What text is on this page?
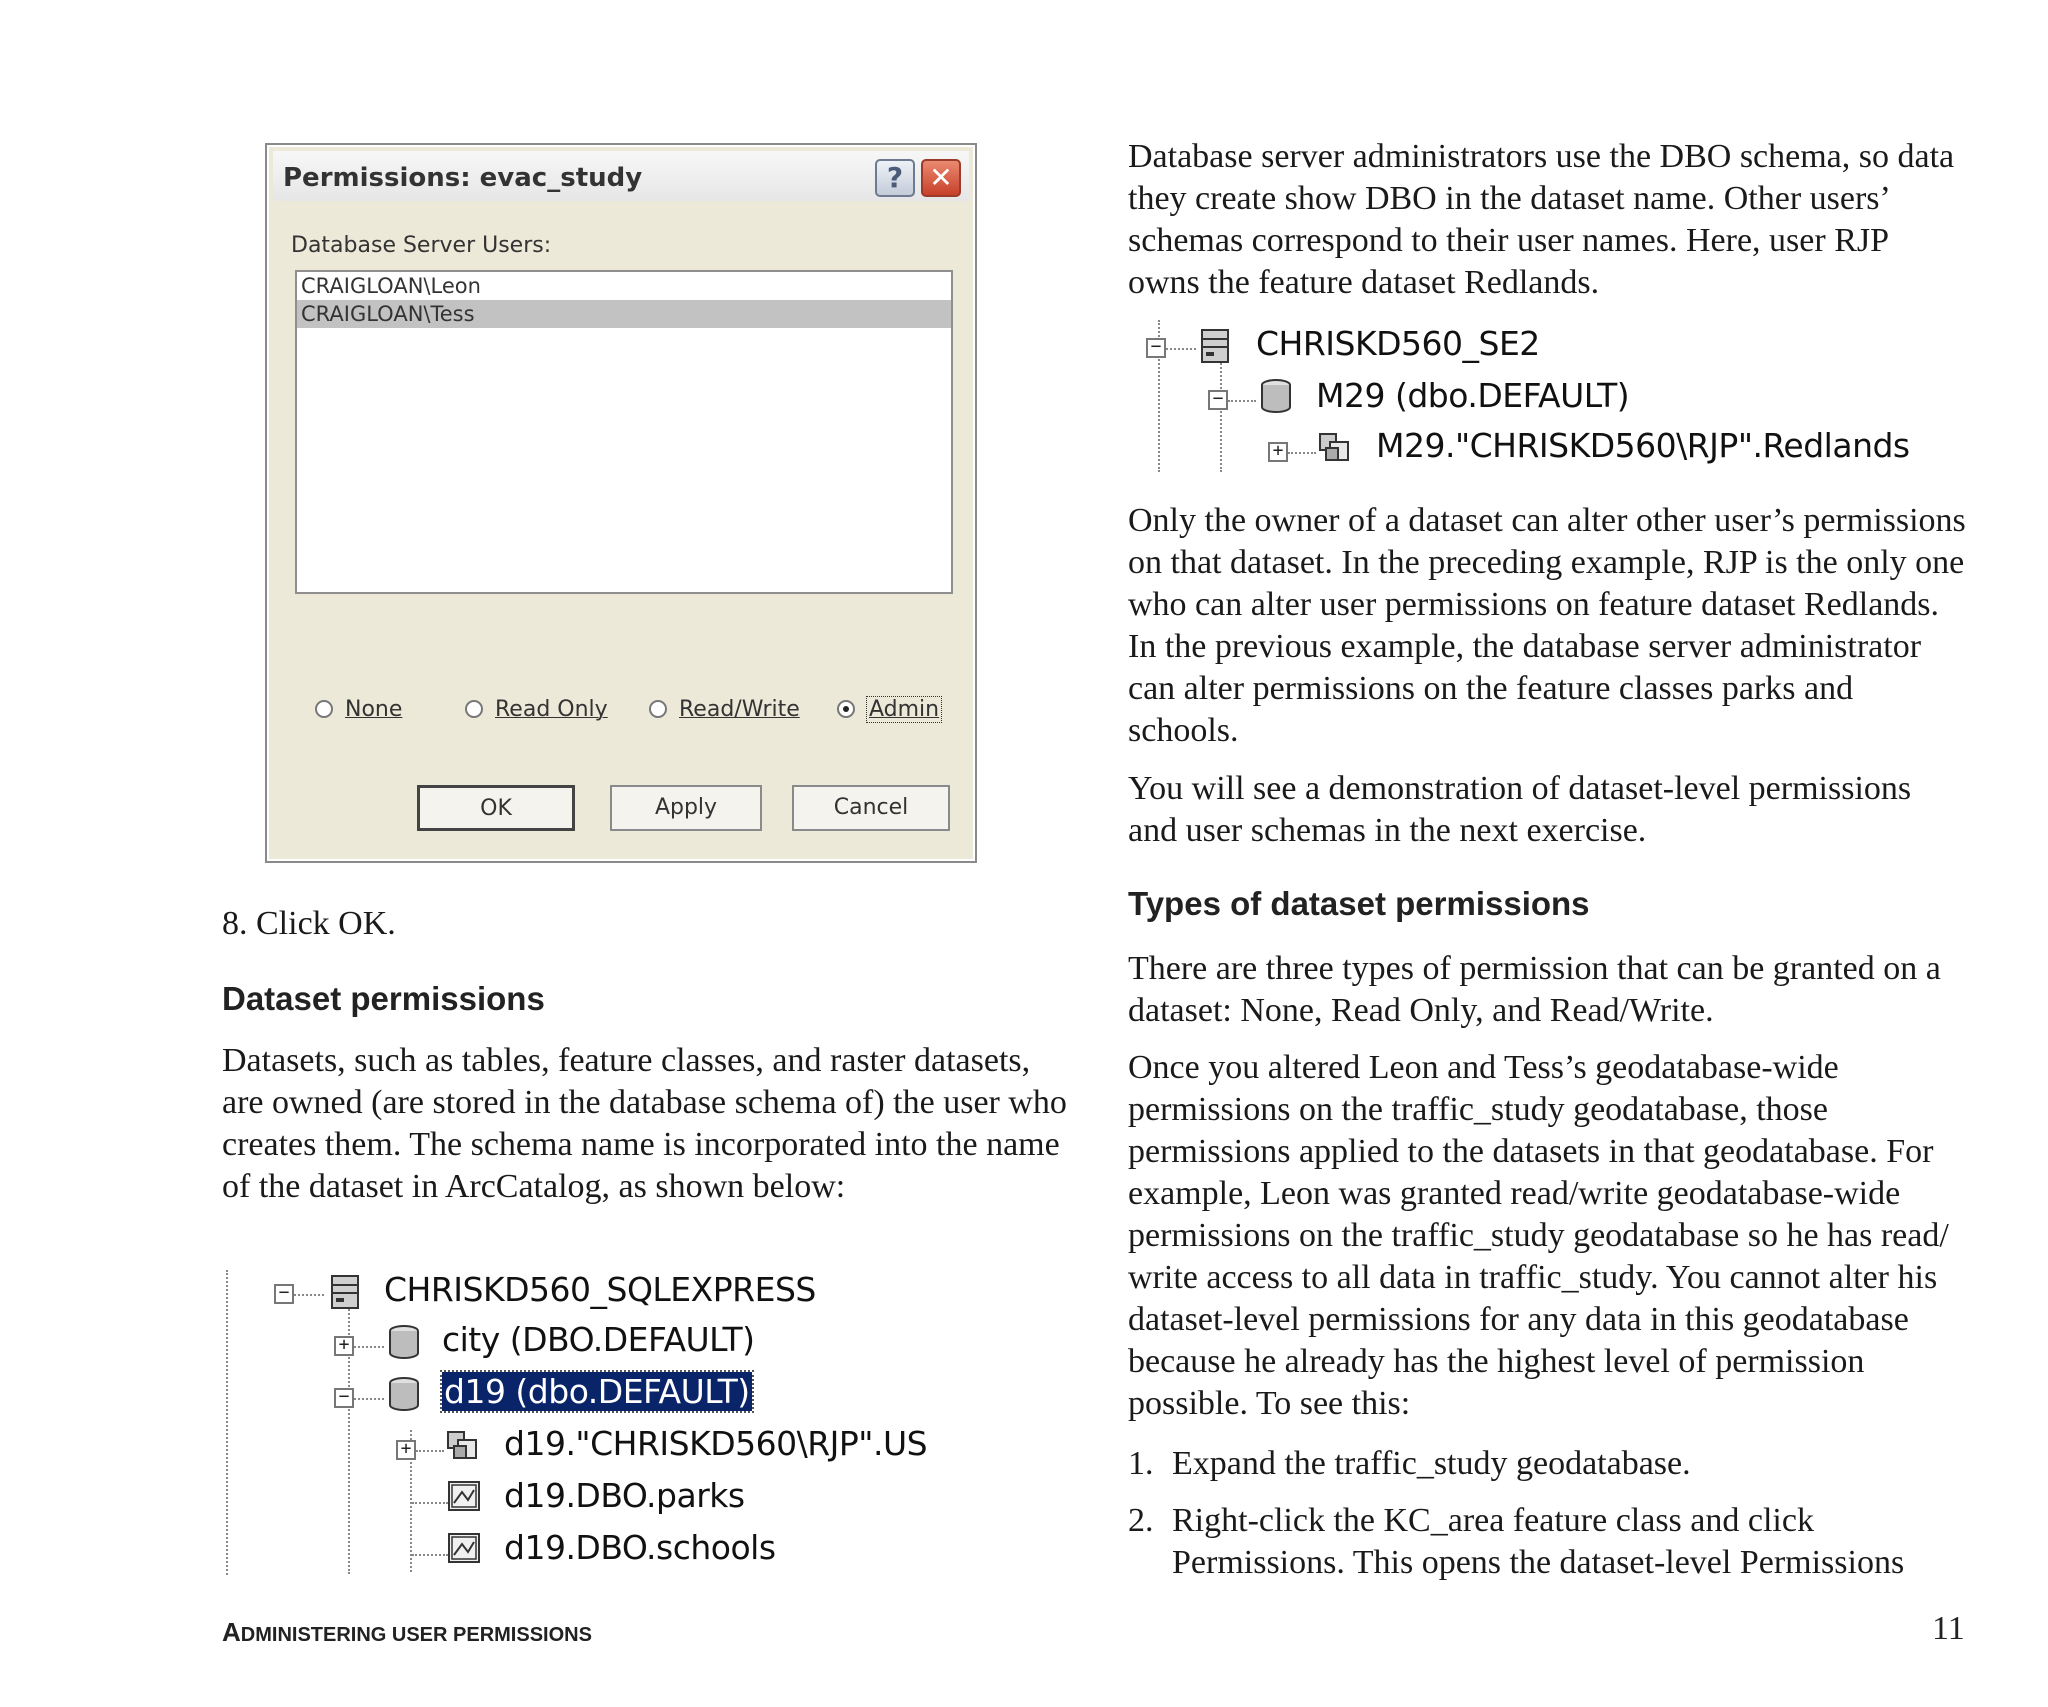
Permissions: evac_study	? ✕
Database Server Users:
CRAIGLOAN\Leon
CRAIGLOAN\Tess
None	Read Only	Read/Write	Admin
OK	Apply	Cancel

8. Click OK.

Dataset permissions

Datasets, such as tables, feature classes, and raster datasets, are owned (are stored in the database schema of) the user who creates them. The schema name is incorporated into the name of the dataset in ArcCatalog, as shown below:

−	CHRISKD560_SQLEXPRESS
+	city (DBO.DEFAULT)
−	d19 (dbo.DEFAULT)
+	d19."CHRISKD560\RJP".US
d19.DBO.parks
d19.DBO.schools

Database server administrators use the DBO schema, so data they create show DBO in the dataset name. Other users’ schemas correspond to their user names. Here, user RJP owns the feature dataset Redlands.

−	CHRISKD560_SE2
−	M29 (dbo.DEFAULT)
+	M29."CHRISKD560\RJP".Redlands

Only the owner of a dataset can alter other user’s permissions on that dataset. In the preceding example, RJP is the only one who can alter user permissions on feature dataset Redlands. In the previous example, the database server administrator can alter permissions on the feature classes parks and schools.

You will see a demonstration of dataset-level permissions and user schemas in the next exercise.

Types of dataset permissions

There are three types of permission that can be granted on a dataset: None, Read Only, and Read/Write.

Once you altered Leon and Tess’s geodatabase-wide permissions on the traffic_study geodatabase, those permissions applied to the datasets in that geodatabase. For example, Leon was granted read/write geodatabase-wide permissions on the traffic_study geodatabase so he has read/ write access to all data in traffic_study. You cannot alter his dataset-level permissions for any data in this geodatabase because he already has the highest level of permission possible. To see this:

1. Expand the traffic_study geodatabase.

2. Right-click the KC_area feature class and click Permissions. This opens the dataset-level Permissions

ADMINISTERING USER PERMISSIONS	11
